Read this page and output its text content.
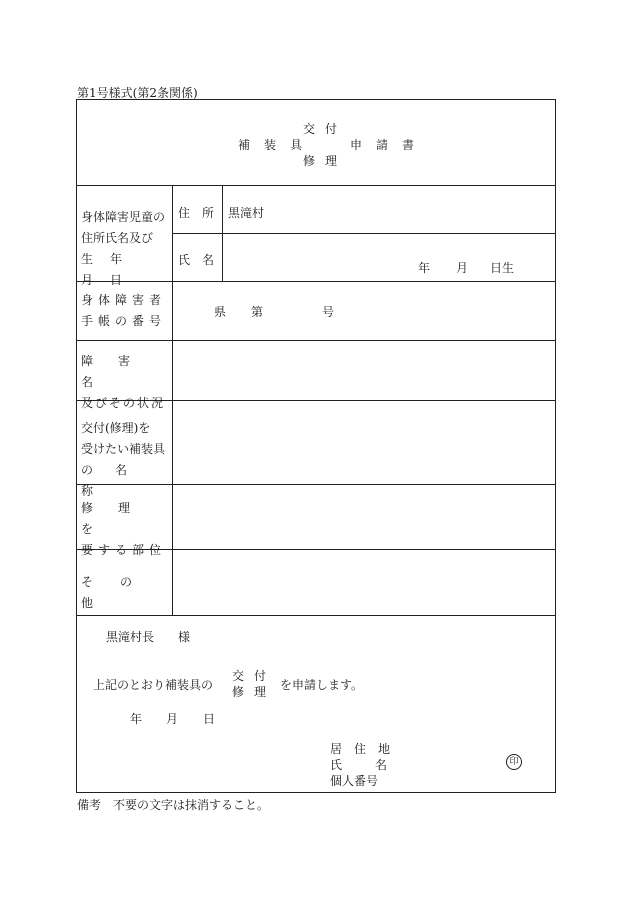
第1号様式(第2条関係)
交付
補装具	申請書
修理
身体障害児童の
住所氏名及び
生年月日
住所 黒滝村
氏名
年 月 日生
身体障害者
手帳の番号
県 第	号
障害名
及びその状況
交付(修理)を
受けたい補装具
の名称
修理を
要する部位
その他
黒滝村長 様
上記のとおり補装具の
交付
修理 を申請します。
年 月 日
居住地
氏名
個人番号
印
備考　不要の文字は抹消すること。
